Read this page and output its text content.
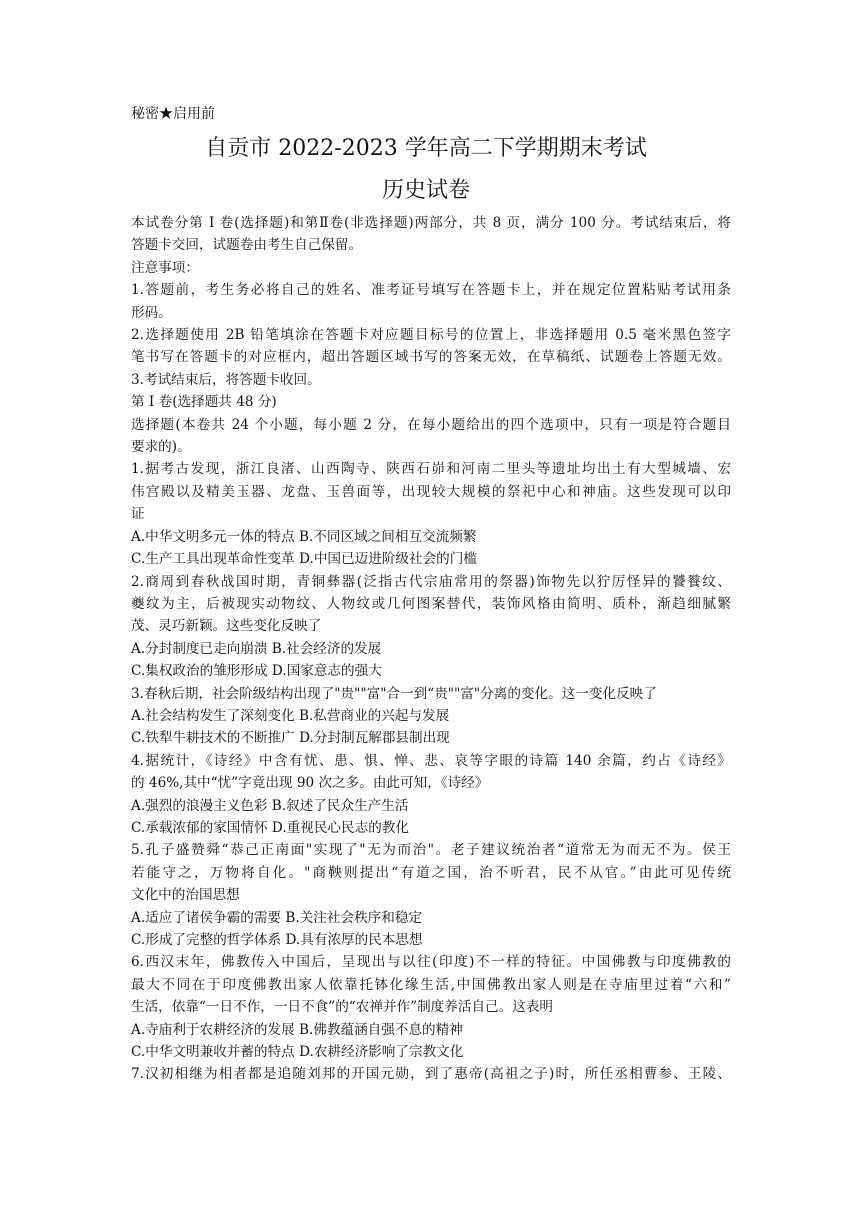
秘密★启用前
自贡市 2022-2023 学年高二下学期期末考试
历史试卷
本试卷分第 I 卷(选择题)和第Ⅱ卷(非选择题)两部分，共 8 页，满分 100 分。考试结束后，将
答题卡交回，试题卷由考生自己保留。
注意事项：
1.答题前，考生务必将自己的姓名、准考证号填写在答题卡上，并在规定位置粘贴考试用条
形码。
2.选择题使用 2B 铅笔填涂在答题卡对应题目标号的位置上，非选择题用 0.5 毫米黑色签字
笔书写在答题卡的对应框内，超出答题区域书写的答案无效，在草稿纸、试题卷上答题无效。
3.考试结束后，将答题卡收回。
第 I 卷(选择题共 48 分)
选择题(本卷共 24 个小题，每小题 2 分，在每小题给出的四个选项中，只有一项是符合题目
要求的)。
1.据考古发现，浙江良渚、山西陶寺、陕西石峁和河南二里头等遗址均出土有大型城墙、宏
伟宫殿以及精美玉器、龙盘、玉兽面等，出现较大规模的祭祀中心和神庙。这些发现可以印
证
A.中华文明多元一体的特点 B.不同区域之间相互交流频繁
C.生产工具出现革命性变革 D.中国已迈进阶级社会的门槛
2.商周到春秋战国时期，青铜彝器(泛指古代宗庙常用的祭器)饰物先以狞厉怪异的饕餮纹、
夔纹为主，后被现实动物纹、人物纹或几何图案替代，装饰风格由简明、质朴，渐趋细腻繁
茂、灵巧新颖。这些变化反映了
A.分封制度已走向崩溃 B.社会经济的发展
C.集权政治的雏形形成 D.国家意志的强大
3.春秋后期，社会阶级结构出现了"贵""富"合一到“贵""富"分离的变化。这一变化反映了
A.社会结构发生了深刻变化 B.私营商业的兴起与发展
C.铁犁牛耕技术的不断推广 D.分封制瓦解郡县制出现
4.据统计，《诗经》中含有忧、患、惧、惮、悲、哀等字眼的诗篇 140 余篇，约占《诗经》
的 46%,其中“忧”字竟出现 90 次之多。由此可知，《诗经》
A.强烈的浪漫主义色彩 B.叙述了民众生产生活
C.承载浓郁的家国情怀 D.重视民心民志的教化
5.孔子盛赞舜“恭己正南面"实现了"无为而治"。老子建议统治者“道常无为而无不为。侯王
若能守之，万物将自化。"商鞅则提出“有道之国，治不听君，民不从官。”由此可见传统
文化中的治国思想
A.适应了诸侯争霸的需要 B.关注社会秩序和稳定
C.形成了完整的哲学体系 D.具有浓厚的民本思想
6.西汉末年，佛教传入中国后，呈现出与以往(印度)不一样的特征。中国佛教与印度佛教的
最大不同在于印度佛教出家人依靠托钵化缘生活,中国佛教出家人则是在寺庙里过着“六和”
生活，依靠“一日不作，一日不食”的“农禅并作”制度养活自己。这表明
A.寺庙利于农耕经济的发展 B.佛教蕴涵自强不息的精神
C.中华文明兼收并蓄的特点 D.农耕经济影响了宗教文化
7.汉初相继为相者都是追随刘邦的开国元勋，到了惠帝(高祖之子)时，所任丞相曹参、王陵、
